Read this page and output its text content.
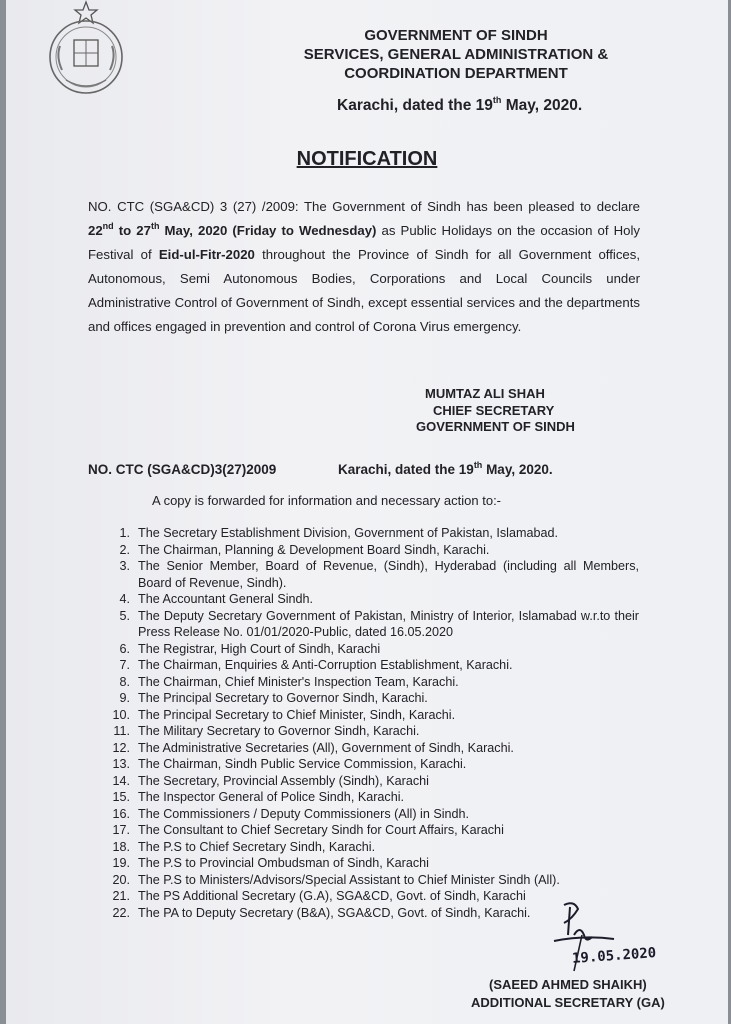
GOVERNMENT OF SINDH
SERVICES, GENERAL ADMINISTRATION &
COORDINATION DEPARTMENT
Karachi, dated the 19th May, 2020.
NOTIFICATION
NO. CTC (SGA&CD) 3 (27) /2009: The Government of Sindh has been pleased to declare 22nd to 27th May, 2020 (Friday to Wednesday) as Public Holidays on the occasion of Holy Festival of Eid-ul-Fitr-2020 throughout the Province of Sindh for all Government offices, Autonomous, Semi Autonomous Bodies, Corporations and Local Councils under Administrative Control of Government of Sindh, except essential services and the departments and offices engaged in prevention and control of Corona Virus emergency.
MUMTAZ ALI SHAH
CHIEF SECRETARY
GOVERNMENT OF SINDH
NO. CTC (SGA&CD)3(27)2009	Karachi, dated the 19th May, 2020.
A copy is forwarded for information and necessary action to:-
1. The Secretary Establishment Division, Government of Pakistan, Islamabad.
2. The Chairman, Planning & Development Board Sindh, Karachi.
3. The Senior Member, Board of Revenue, (Sindh), Hyderabad (including all Members, Board of Revenue, Sindh).
4. The Accountant General Sindh.
5. The Deputy Secretary Government of Pakistan, Ministry of Interior, Islamabad w.r.to their Press Release No. 01/01/2020-Public, dated 16.05.2020
6. The Registrar, High Court of Sindh, Karachi
7. The Chairman, Enquiries & Anti-Corruption Establishment, Karachi.
8. The Chairman, Chief Minister's Inspection Team, Karachi.
9. The Principal Secretary to Governor Sindh, Karachi.
10. The Principal Secretary to Chief Minister, Sindh, Karachi.
11. The Military Secretary to Governor Sindh, Karachi.
12. The Administrative Secretaries (All), Government of Sindh, Karachi.
13. The Chairman, Sindh Public Service Commission, Karachi.
14. The Secretary, Provincial Assembly (Sindh), Karachi
15. The Inspector General of Police Sindh, Karachi.
16. The Commissioners / Deputy Commissioners (All) in Sindh.
17. The Consultant to Chief Secretary Sindh for Court Affairs, Karachi
18. The P.S to Chief Secretary Sindh, Karachi.
19. The P.S to Provincial Ombudsman of Sindh, Karachi
20. The P.S to Ministers/Advisors/Special Assistant to Chief Minister Sindh (All).
21. The PS Additional Secretary (G.A), SGA&CD, Govt. of Sindh, Karachi
22. The PA to Deputy Secretary (B&A), SGA&CD, Govt. of Sindh, Karachi.
19.05.2020
(SAEED AHMED SHAIKH)
ADDITIONAL SECRETARY (GA)
